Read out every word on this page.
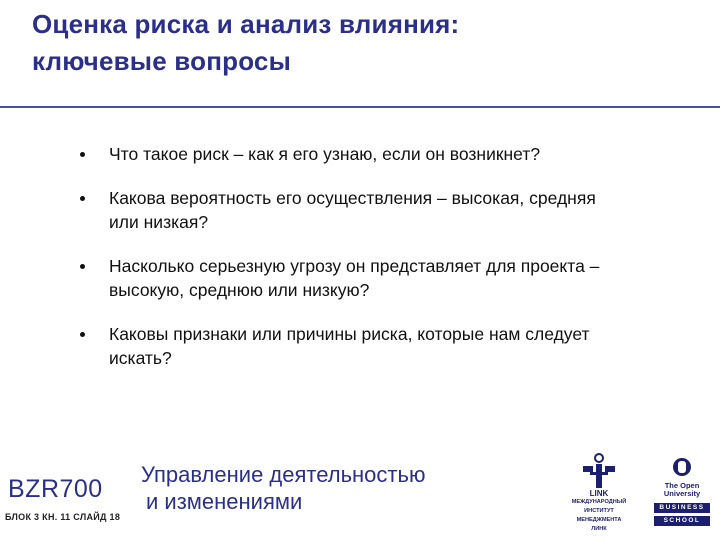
Оценка риска и анализ влияния:
ключевые вопросы
Что такое риск – как я его узнаю, если он возникнет?
Какова вероятность его осуществления – высокая, средняя
или низкая?
Насколько серьезную угрозу он представляет для проекта –
высокую, среднюю или низкую?
Каковы признаки или причины риска, которые нам следует
искать?
BZR700
БЛОК 3 КН. 11 СЛАЙД 18
Управление деятельностью
и изменениями	LINK
МЕЖДУНАРОДНЫЙ
ИНСТИТУТ
МЕНЕДЖМЕНТА
ЛИНК
The Open
University
BUSINESS
SCHOOL
